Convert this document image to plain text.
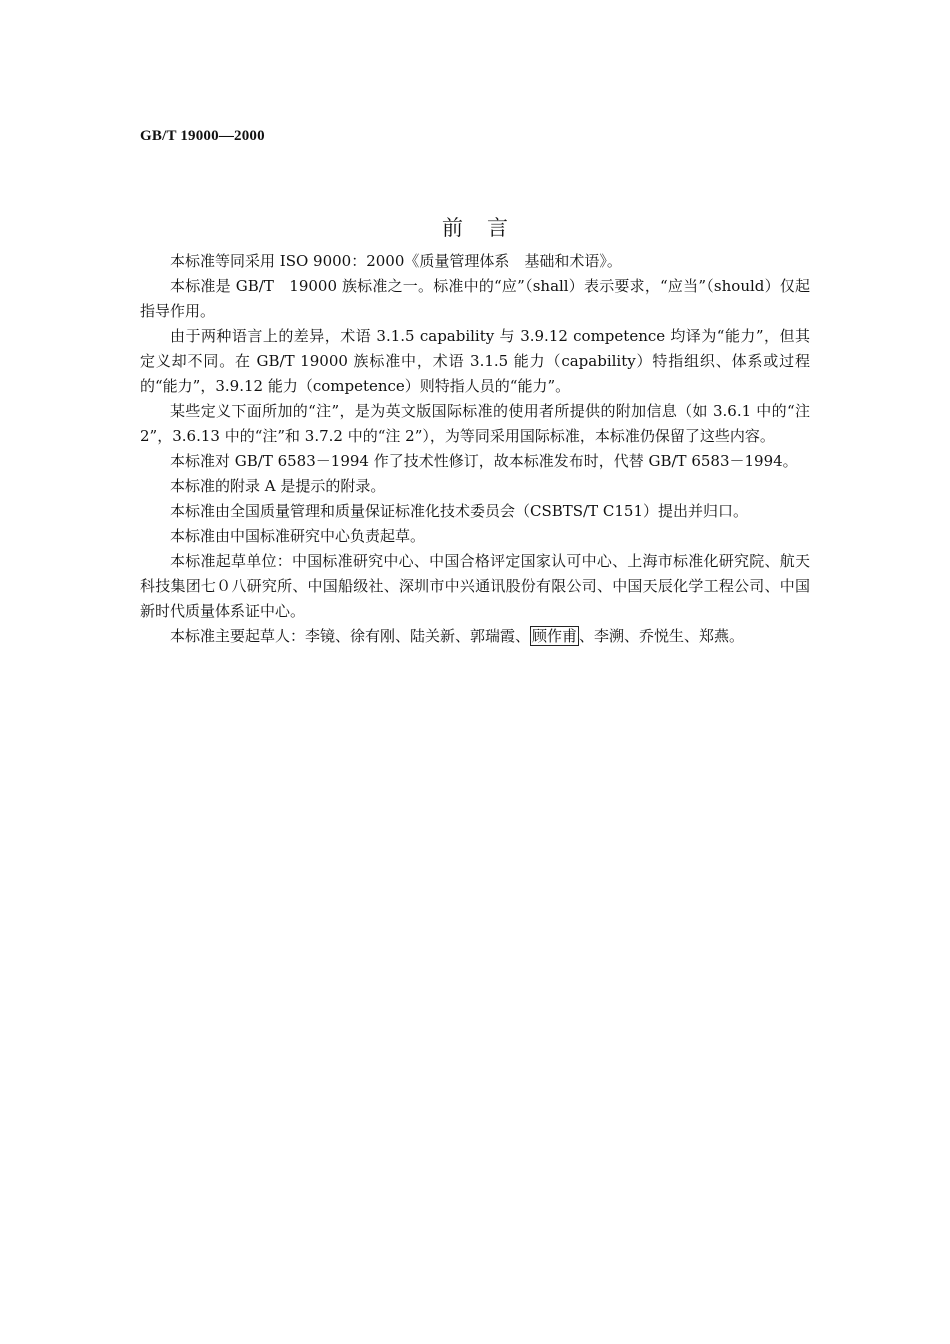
GB/T 19000—2000
前言

本标准等同采用 ISO 9000：2000《质量管理体系　基础和术语》。

本标准是 GB/T　19000 族标准之一。标准中的“应”（shall）表示要求，“应当”（should）仅起指导作用。

由于两种语言上的差异，术语 3.1.5 capability 与 3.9.12 competence 均译为“能力”，但其定义却不同。在 GB/T 19000 族标准中，术语 3.1.5 能力（capability）特指组织、体系或过程的“能力”，3.9.12 能力（competence）则特指人员的“能力”。

某些定义下面所加的“注”，是为英文版国际标准的使用者所提供的附加信息（如 3.6.1 中的“注 2”，3.6.13 中的“注”和 3.7.2 中的“注 2”），为等同采用国际标准，本标准仍保留了这些内容。

本标准对 GB/T 6583－1994 作了技术性修订，故本标准发布时，代替 GB/T 6583－1994。

本标准的附录 A 是提示的附录。

本标准由全国质量管理和质量保证标准化技术委员会（CSBTS/T C151）提出并归口。

本标准由中国标准研究中心负责起草。

本标准起草单位：中国标准研究中心、中国合格评定国家认可中心、上海市标准化研究院、航天科技集团七０八研究所、中国船级社、深圳市中兴通讯股份有限公司、中国天辰化学工程公司、中国新时代质量体系证中心。

本标准主要起草人：李镜、徐有刚、陆关新、郭瑞霞、 顾作甫 、李溯、乔悦生、郑燕。
